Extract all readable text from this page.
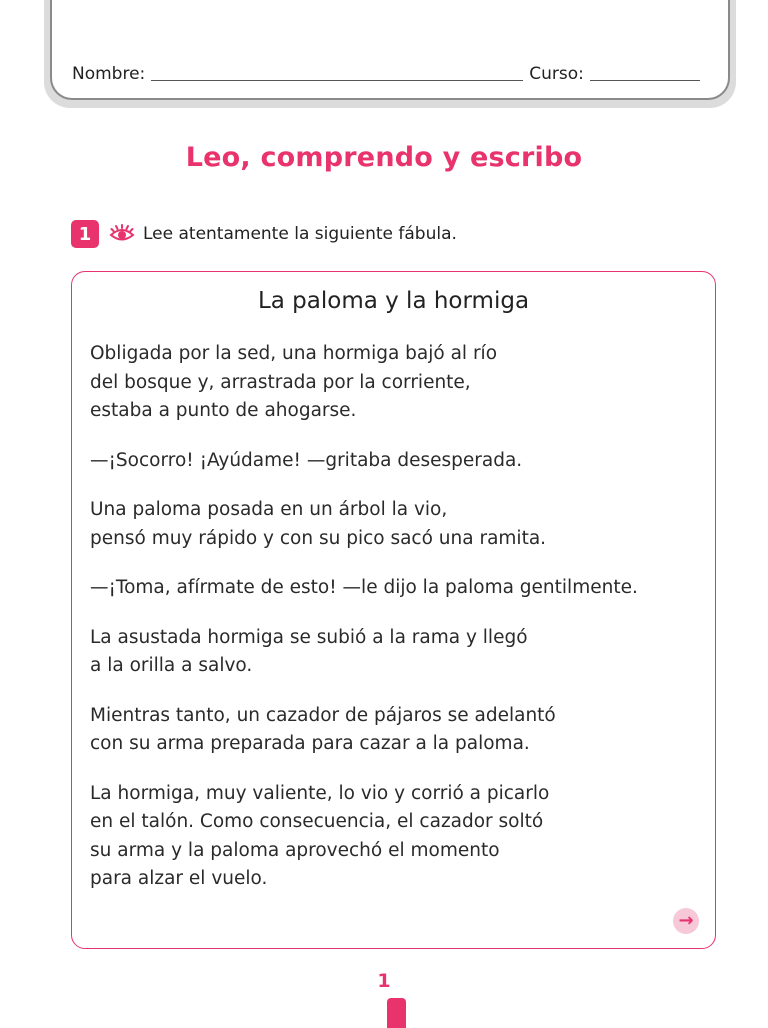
Nombre:	Curso:
Leo, comprendo y escribo
1	Lee atentamente la siguiente fábula.
La paloma y la hormiga

Obligada por la sed, una hormiga bajó al río
del bosque y, arrastrada por la corriente,
estaba a punto de ahogarse.

—¡Socorro! ¡Ayúdame! —gritaba desesperada.

Una paloma posada en un árbol la vio,
pensó muy rápido y con su pico sacó una ramita.

—¡Toma, afírmate de esto! —le dijo la paloma gentilmente.

La asustada hormiga se subió a la rama y llegó
a la orilla a salvo.

Mientras tanto, un cazador de pájaros se adelantó
con su arma preparada para cazar a la paloma.

La hormiga, muy valiente, lo vio y corrió a picarlo
en el talón. Como consecuencia, el cazador soltó
su arma y la paloma aprovechó el momento
para alzar el vuelo.

→
1
